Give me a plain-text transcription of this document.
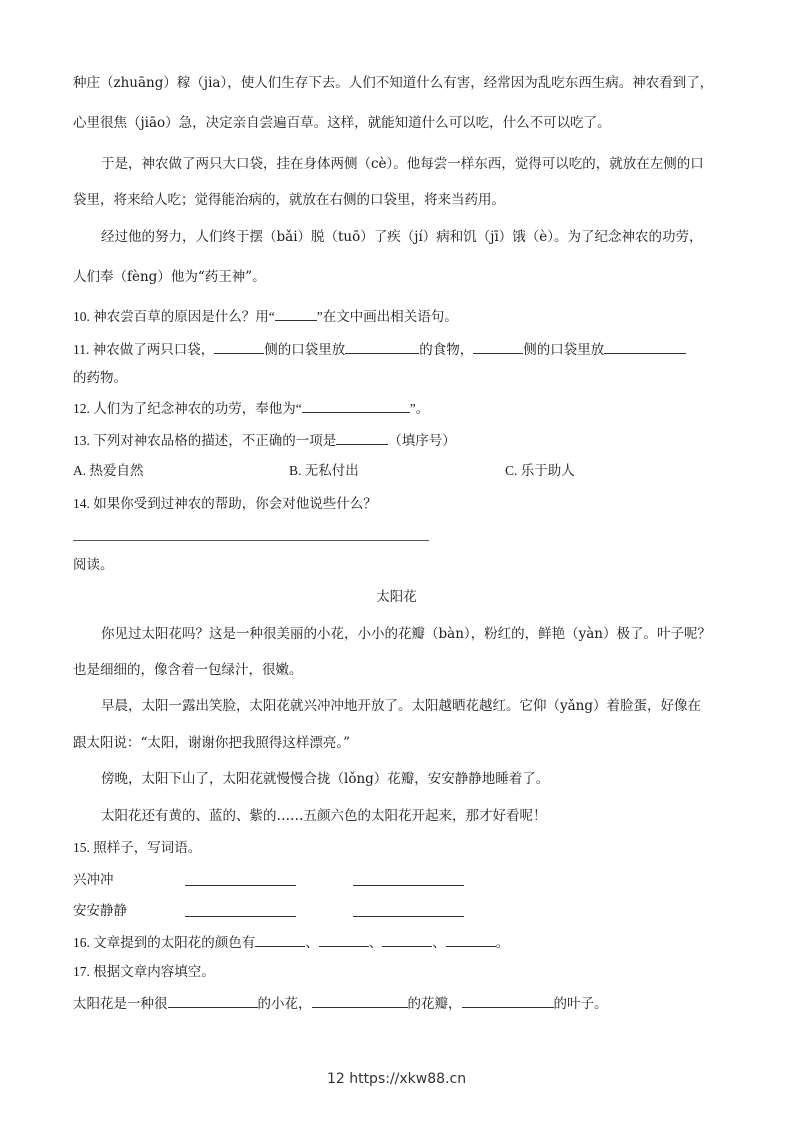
种庄（zhuāng）稼（jia），使人们生存下去。人们不知道什么有害，经常因为乱吃东西生病。神农看到了，
心里很焦（jiāo）急，决定亲自尝遍百草。这样，就能知道什么可以吃，什么不可以吃了。
于是，神农做了两只大口袋，挂在身体两侧（cè）。他每尝一样东西，觉得可以吃的，就放在左侧的口
袋里，将来给人吃；觉得能治病的，就放在右侧的口袋里，将来当药用。
经过他的努力，人们终于摆（bǎi）脱（tuō）了疾（jí）病和饥（jī）饿（è）。为了纪念神农的功劳，
人们奉（fèng）他为“药王神”。
10. 神农尝百草的原因是什么？用“	”在文中画出相关语句。
11. 神农做了两只口袋，	侧的口袋里放	的食物，	侧的口袋里放
的药物。
12. 人们为了纪念神农的功劳，奉他为“	”。
13. 下列对神农品格的描述，不正确的一项是	（填序号）
A. 热爱自然	B. 无私付出	C. 乐于助人
14. 如果你受到过神农的帮助，你会对他说些什么？
阅读。
太阳花
你见过太阳花吗？这是一种很美丽的小花，小小的花瓣（bàn），粉红的，鲜艳（yàn）极了。叶子呢？
也是细细的，像含着一包绿汁，很嫩。
早晨，太阳一露出笑脸，太阳花就兴冲冲地开放了。太阳越晒花越红。它仰（yǎng）着脸蛋，好像在
跟太阳说：“太阳，谢谢你把我照得这样漂亮。”
傍晚，太阳下山了，太阳花就慢慢合拢（lǒng）花瓣，安安静静地睡着了。
太阳花还有黄的、蓝的、紫的……五颜六色的太阳花开起来，那才好看呢！
15. 照样子，写词语。
兴冲冲
安安静静
16. 文章提到的太阳花的颜色有	、	、	、	。
17. 根据文章内容填空。
太阳花是一种很	的小花，	的花瓣，	的叶子。
12 https://xkw88.cn
